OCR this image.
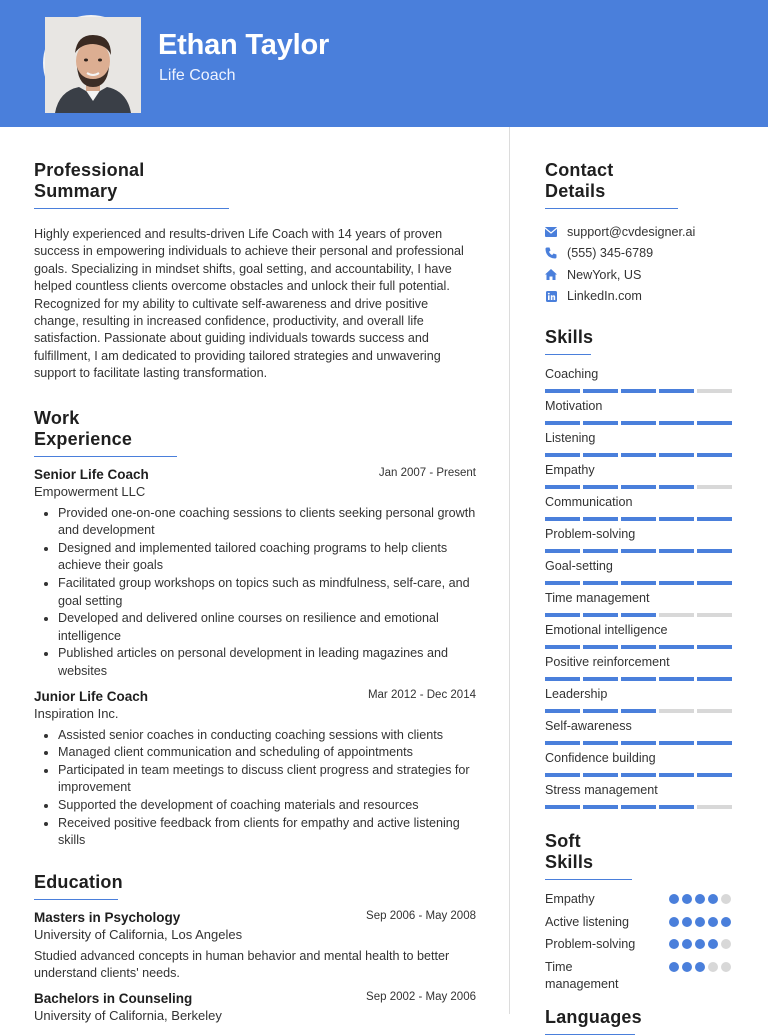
Ethan Taylor
Life Coach
Professional Summary

Highly experienced and results-driven Life Coach with 14 years of proven success in empowering individuals to achieve their personal and professional goals. Specializing in mindset shifts, goal setting, and accountability, I have helped countless clients overcome obstacles and unlock their full potential. Recognized for my ability to cultivate self-awareness and drive positive change, resulting in increased confidence, productivity, and overall life satisfaction. Passionate about guiding individuals towards success and fulfillment, I am dedicated to providing tailored strategies and unwavering support to facilitate lasting transformation.

Work Experience
Senior Life Coach	Jan 2007 - Present
Empowerment LLC
• Provided one-on-one coaching sessions to clients seeking personal growth and development
• Designed and implemented tailored coaching programs to help clients achieve their goals
• Facilitated group workshops on topics such as mindfulness, self-care, and goal setting
• Developed and delivered online courses on resilience and emotional intelligence
• Published articles on personal development in leading magazines and websites
Junior Life Coach	Mar 2012 - Dec 2014
Inspiration Inc.
• Assisted senior coaches in conducting coaching sessions with clients
• Managed client communication and scheduling of appointments
• Participated in team meetings to discuss client progress and strategies for improvement
• Supported the development of coaching materials and resources
• Received positive feedback from clients for empathy and active listening skills
Education
Masters in Psychology	Sep 2006 - May 2008
University of California, Los Angeles

Studied advanced concepts in human behavior and mental health to better understand clients' needs.

Bachelors in Counseling	Sep 2002 - May 2006
University of California, Berkeley
Contact Details
support@cvdesigner.ai
(555) 345-6789
NewYork, US
LinkedIn.com
Skills
Coaching
Motivation
Listening
Empathy
Communication
Problem-solving
Goal-setting
Time management
Emotional intelligence
Positive reinforcement
Leadership
Self-awareness
Confidence building
Stress management
Soft Skills
Empathy
Active listening
Problem-solving
Time management
Languages
